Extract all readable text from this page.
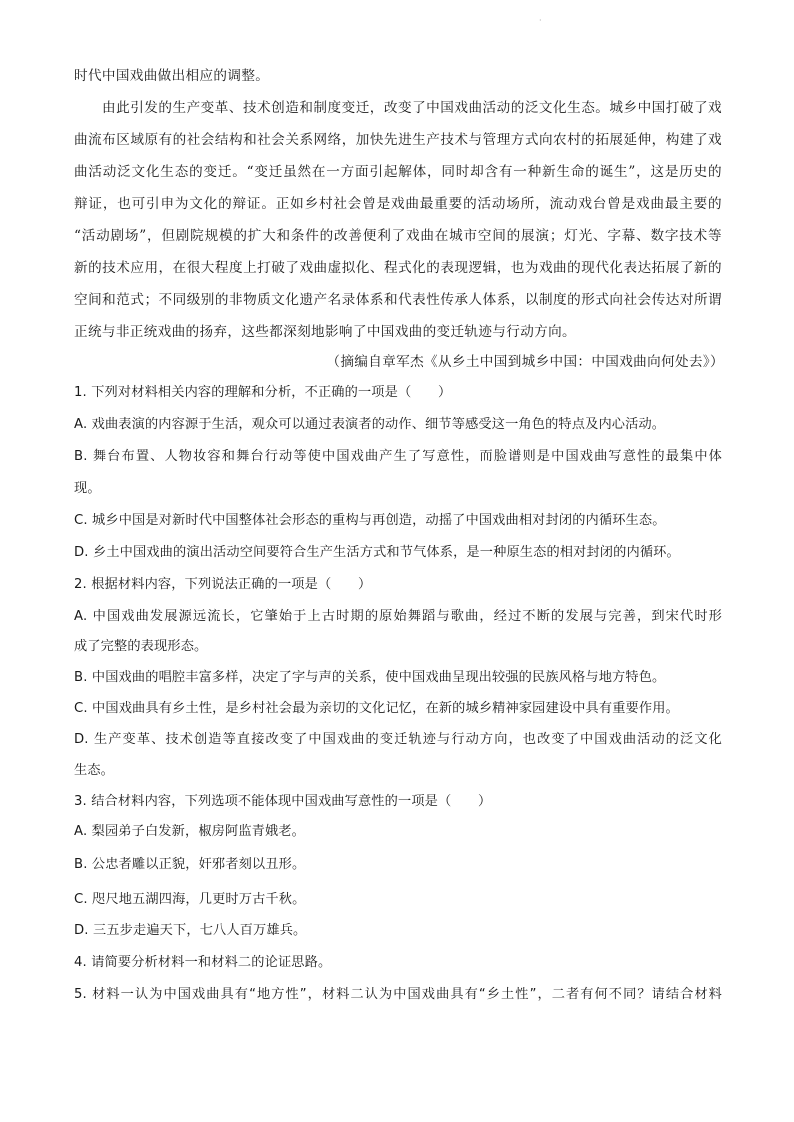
·
时代中国戏曲做出相应的调整。
由此引发的生产变革、技术创造和制度变迁，改变了中国戏曲活动的泛文化生态。城乡中国打破了戏
曲流布区域原有的社会结构和社会关系网络，加快先进生产技术与管理方式向农村的拓展延伸，构建了戏
曲活动泛文化生态的变迁。“变迁虽然在一方面引起解体，同时却含有一种新生命的诞生”，这是历史的
辩证，也可引申为文化的辩证。正如乡村社会曾是戏曲最重要的活动场所，流动戏台曾是戏曲最主要的
“活动剧场”，但剧院规模的扩大和条件的改善便利了戏曲在城市空间的展演；灯光、字幕、数字技术等
新的技术应用，在很大程度上打破了戏曲虚拟化、程式化的表现逻辑，也为戏曲的现代化表达拓展了新的
空间和范式；不同级别的非物质文化遗产名录体系和代表性传承人体系，以制度的形式向社会传达对所谓
正统与非正统戏曲的扬弃，这些都深刻地影响了中国戏曲的变迁轨迹与行动方向。
（摘编自章军杰《从乡土中国到城乡中国：中国戏曲向何处去》）
1. 下列对材料相关内容的理解和分析，不正确的一项是（　　）
A. 戏曲表演的内容源于生活，观众可以通过表演者的动作、细节等感受这一角色的特点及内心活动。
B. 舞台布置、人物妆容和舞台行动等使中国戏曲产生了写意性，而脸谱则是中国戏曲写意性的最集中体
现。
C. 城乡中国是对新时代中国整体社会形态的重构与再创造，动摇了中国戏曲相对封闭的内循环生态。
D. 乡土中国戏曲的演出活动空间要符合生产生活方式和节气体系，是一种原生态的相对封闭的内循环。
2. 根据材料内容，下列说法正确的一项是（　　）
A. 中国戏曲发展源远流长，它肇始于上古时期的原始舞蹈与歌曲，经过不断的发展与完善，到宋代时形
成了完整的表现形态。
B. 中国戏曲的唱腔丰富多样，决定了字与声的关系，使中国戏曲呈现出较强的民族风格与地方特色。
C. 中国戏曲具有乡土性，是乡村社会最为亲切的文化记忆，在新的城乡精神家园建设中具有重要作用。
D. 生产变革、技术创造等直接改变了中国戏曲的变迁轨迹与行动方向，也改变了中国戏曲活动的泛文化
生态。
3. 结合材料内容，下列选项不能体现中国戏曲写意性的一项是（　　）
A. 梨园弟子白发新，椒房阿监青娥老。
B. 公忠者雕以正貌，奸邪者刻以丑形。
C. 咫尺地五湖四海，几更时万古千秋。
D. 三五步走遍天下，七八人百万雄兵。
4. 请简要分析材料一和材料二的论证思路。
5. 材料一认为中国戏曲具有“地方性”，材料二认为中国戏曲具有“乡土性”，二者有何不同？请结合材料
